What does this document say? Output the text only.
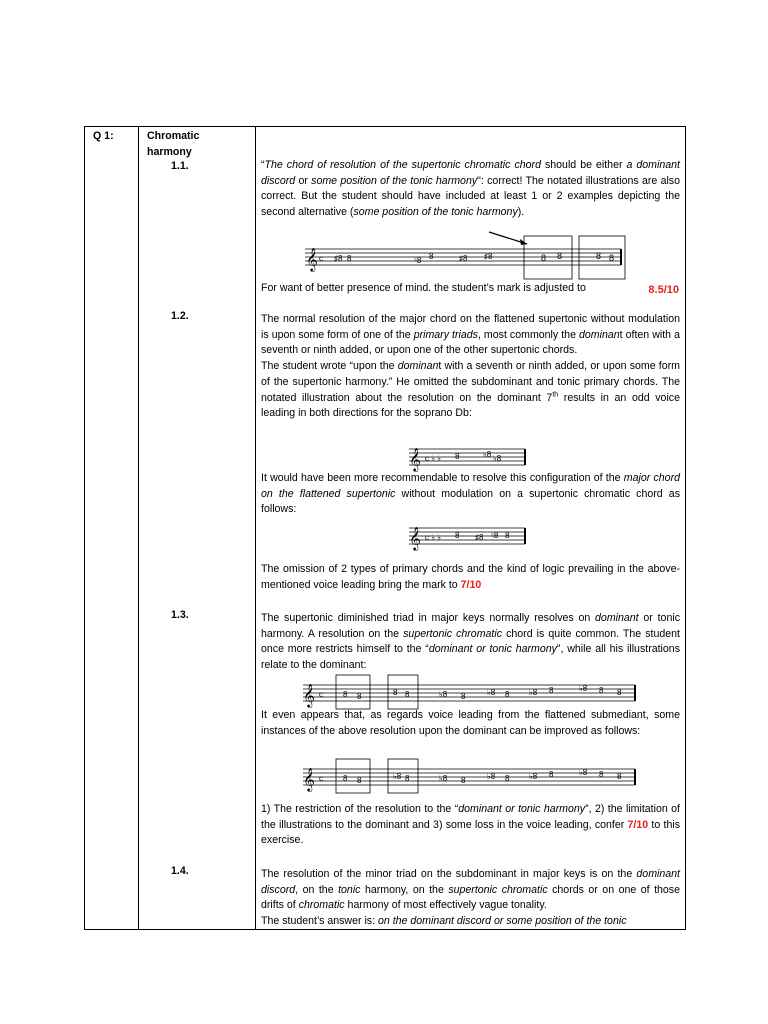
Q 1:	Chromatic harmony
1.1.	“The chord of resolution of the supertonic chromatic chord should be either a dominant discord or some position of the tonic harmony": correct! The notated illustrations are also correct. But the student should have included at least 1 or 2 examples depicting the second alternative (some position of the tonic harmony).
𝄞 c ♯8 8	♮8 8	♯8 ♯8	8 8	8 8
For want of better presence of mind. the student’s mark is adjusted to	8.5/10
1.2.	The normal resolution of the major chord on the flattened supertonic without modulation is upon some form of one of the primary triads, most commonly the dominant often with a seventh or ninth added, or upon one of the other supertonic chords.
The student wrote “upon the dominant with a seventh or ninth added, or upon some form of the supertonic harmony.” He omitted the subdominant and tonic primary chords. The notated illustration about the resolution on the dominant 7th results in an odd voice leading in both directions for the soprano Db:
𝄞 c ♭ ♭ 8	♭8 ♭8
It would have been more recommendable to resolve this configuration of the major chord on the flattened supertonic without modulation on a supertonic chromatic chord as follows:
𝄞 c ♭ ♭ 8 ♯8 ♮8 8
The omission of 2 types of primary chords and the kind of logic prevailing in the above-mentioned voice leading bring the mark to 7/10
1.3.	The supertonic diminished triad in major keys normally resolves on dominant or tonic harmony. A resolution on the supertonic chromatic chord is quite common. The student once more restricts himself to the “dominant or tonic harmony”, while all his illustrations relate to the dominant:
𝄞 c	8 8	8 8	♭8 8	♭8 8 ♭8 8	♭8 8 8
It even appears that, as regards voice leading from the flattened submediant, some instances of the above resolution upon the dominant can be improved as follows:
𝄞 c	8 8	♭8 8	♭8 8	♭8 8 ♭8 8	♭8 8 8
1) The restriction of the resolution to the “dominant or tonic harmony”, 2) the limitation of the illustrations to the dominant and 3) some loss in the voice leading, confer 7/10 to this exercise.
1.4.	The resolution of the minor triad on the subdominant in major keys is on the dominant discord, on the tonic harmony, on the supertonic chromatic chords or on one of those drifts of chromatic harmony of most effectively vague tonality.
The student’s answer is: on the dominant discord or some position of the tonic
